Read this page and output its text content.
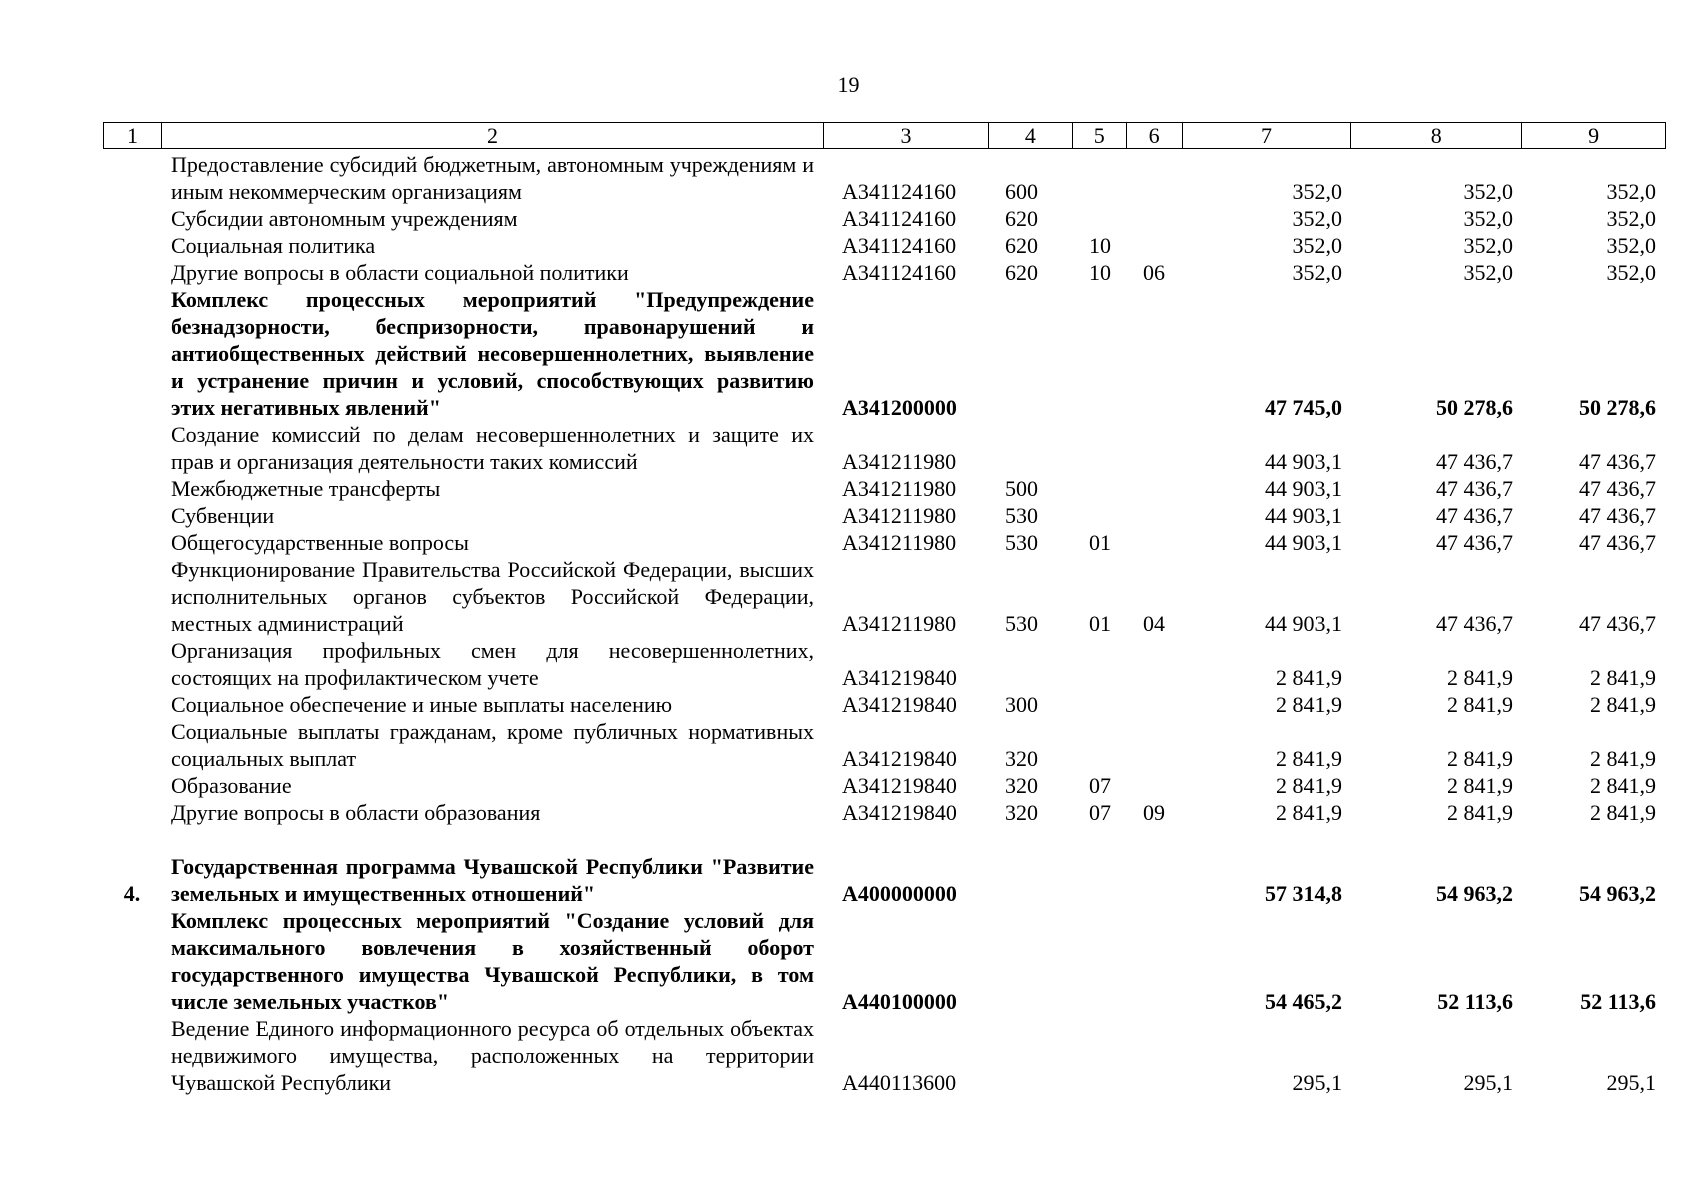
19
1	2	3	4	5	6	7	8	9
	Предоставление субсидий бюджетным, автономным учреждениям и иным некоммерческим организациям	А341124160	600			352,0	352,0	352,0
	Субсидии автономным учреждениям	А341124160	620			352,0	352,0	352,0
	Социальная политика	А341124160	620	10		352,0	352,0	352,0
	Другие вопросы в области социальной политики	А341124160	620	10	06	352,0	352,0	352,0
	Комплекс процессных мероприятий "Предупреждение безнадзорности, беспризорности, правонарушений и антиобщественных действий несовершеннолетних, выявление и устранение причин и условий, способствующих развитию этих негативных явлений"	А341200000				47 745,0	50 278,6	50 278,6
	Создание комиссий по делам несовершеннолетних и защите их прав и организация деятельности таких комиссий	А341211980				44 903,1	47 436,7	47 436,7
	Межбюджетные трансферты	А341211980	500			44 903,1	47 436,7	47 436,7
	Субвенции	А341211980	530			44 903,1	47 436,7	47 436,7
	Общегосударственные вопросы	А341211980	530	01		44 903,1	47 436,7	47 436,7
	Функционирование Правительства Российской Федерации, высших исполнительных органов субъектов Российской Федерации, местных администраций	А341211980	530	01	04	44 903,1	47 436,7	47 436,7
	Организация профильных смен для несовершеннолетних, состоящих на профилактическом учете	А341219840				2 841,9	2 841,9	2 841,9
	Социальное обеспечение и иные выплаты населению	А341219840	300			2 841,9	2 841,9	2 841,9
	Социальные выплаты гражданам, кроме публичных нормативных социальных выплат	А341219840	320			2 841,9	2 841,9	2 841,9
	Образование	А341219840	320	07		2 841,9	2 841,9	2 841,9
	Другие вопросы в области образования	А341219840	320	07	09	2 841,9	2 841,9	2 841,9

4.	Государственная программа Чувашской Республики "Развитие земельных и имущественных отношений"	А400000000				57 314,8	54 963,2	54 963,2
	Комплекс процессных мероприятий "Создание условий для максимального вовлечения в хозяйственный оборот государственного имущества Чувашской Республики, в том числе земельных участков"	А440100000				54 465,2	52 113,6	52 113,6
	Ведение Единого информационного ресурса об отдельных объектах недвижимого имущества, расположенных на территории Чувашской Республики	А440113600				295,1	295,1	295,1
